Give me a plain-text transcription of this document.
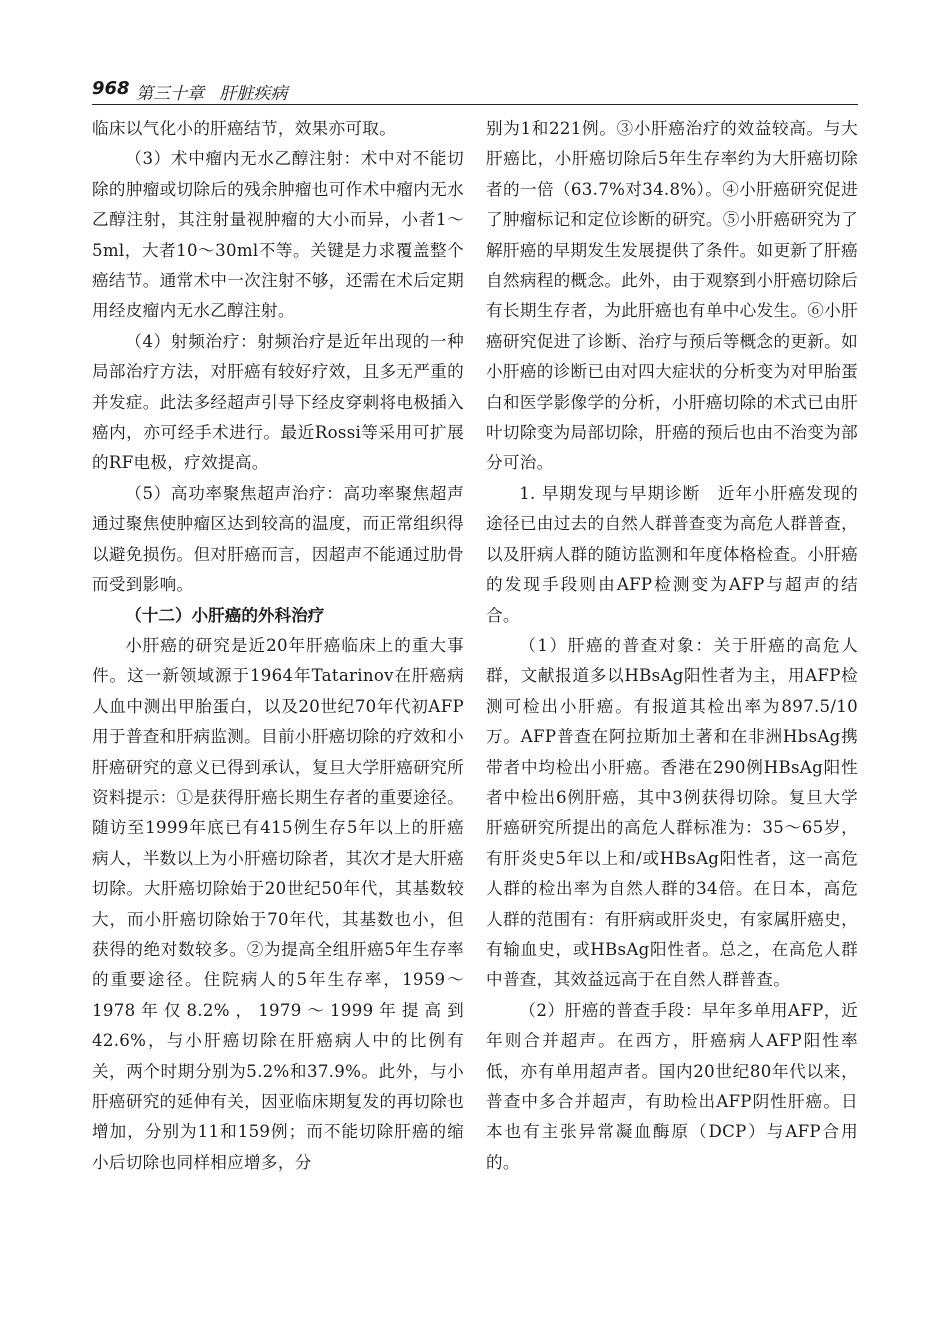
968 第三十章 肝脏疾病

临床以气化小的肝癌结节，效果亦可取。

（3）术中瘤内无水乙醇注射：术中对不能切除的肿瘤或切除后的残余肿瘤也可作术中瘤内无水乙醇注射，其注射量视肿瘤的大小而异，小者1～5ml，大者10～30ml不等。关键是力求覆盖整个癌结节。通常术中一次注射不够，还需在术后定期用经皮瘤内无水乙醇注射。

（4）射频治疗：射频治疗是近年出现的一种局部治疗方法，对肝癌有较好疗效，且多无严重的并发症。此法多经超声引导下经皮穿刺将电极插入癌内，亦可经手术进行。最近Rossi等采用可扩展的RF电极，疗效提高。

（5）高功率聚焦超声治疗：高功率聚焦超声通过聚焦使肿瘤区达到较高的温度，而正常组织得以避免损伤。但对肝癌而言，因超声不能通过肋骨而受到影响。

（十二）小肝癌的外科治疗

小肝癌的研究是近20年肝癌临床上的重大事件。这一新领域源于1964年Tatarinov在肝癌病人血中测出甲胎蛋白，以及20世纪70年代初AFP用于普查和肝病监测。目前小肝癌切除的疗效和小肝癌研究的意义已得到承认，复旦大学肝癌研究所资料提示：①是获得肝癌长期生存者的重要途径。随访至1999年底已有415例生存5年以上的肝癌病人，半数以上为小肝癌切除者，其次才是大肝癌切除。大肝癌切除始于20世纪50年代，其基数较大，而小肝癌切除始于70年代，其基数也小，但获得的绝对数较多。②为提高全组肝癌5年生存率的重要途径。住院病人的5年生存率，1959～1978年仅8.2%，1979～1999年提高到42.6%，与小肝癌切除在肝癌病人中的比例有关，两个时期分别为5.2%和37.9%。此外，与小肝癌研究的延伸有关，因亚临床期复发的再切除也增加，分别为11和159例；而不能切除肝癌的缩小后切除也同样相应增多，分

别为1和221例。③小肝癌治疗的效益较高。与大肝癌比，小肝癌切除后5年生存率约为大肝癌切除者的一倍（63.7%对34.8%）。④小肝癌研究促进了肿瘤标记和定位诊断的研究。⑤小肝癌研究为了解肝癌的早期发生发展提供了条件。如更新了肝癌自然病程的概念。此外，由于观察到小肝癌切除后有长期生存者，为此肝癌也有单中心发生。⑥小肝癌研究促进了诊断、治疗与预后等概念的更新。如小肝癌的诊断已由对四大症状的分析变为对甲胎蛋白和医学影像学的分析，小肝癌切除的术式已由肝叶切除变为局部切除，肝癌的预后也由不治变为部分可治。

1. 早期发现与早期诊断　近年小肝癌发现的途径已由过去的自然人群普查变为高危人群普查，以及肝病人群的随访监测和年度体格检查。小肝癌的发现手段则由AFP检测变为AFP与超声的结合。

（1）肝癌的普查对象：关于肝癌的高危人群，文献报道多以HBsAg阳性者为主，用AFP检测可检出小肝癌。有报道其检出率为897.5/10万。AFP普查在阿拉斯加土著和在非洲HbsAg携带者中均检出小肝癌。香港在290例HBsAg阳性者中检出6例肝癌，其中3例获得切除。复旦大学肝癌研究所提出的高危人群标准为：35～65岁，有肝炎史5年以上和/或HBsAg阳性者，这一高危人群的检出率为自然人群的34倍。在日本，高危人群的范围有：有肝病或肝炎史，有家属肝癌史，有输血史，或HBsAg阳性者。总之，在高危人群中普查，其效益远高于在自然人群普查。

（2）肝癌的普查手段：早年多单用AFP，近年则合并超声。在西方，肝癌病人AFP阳性率低，亦有单用超声者。国内20世纪80年代以来，普查中多合并超声，有助检出AFP阴性肝癌。日本也有主张异常凝血酶原（DCP）与AFP合用的。
